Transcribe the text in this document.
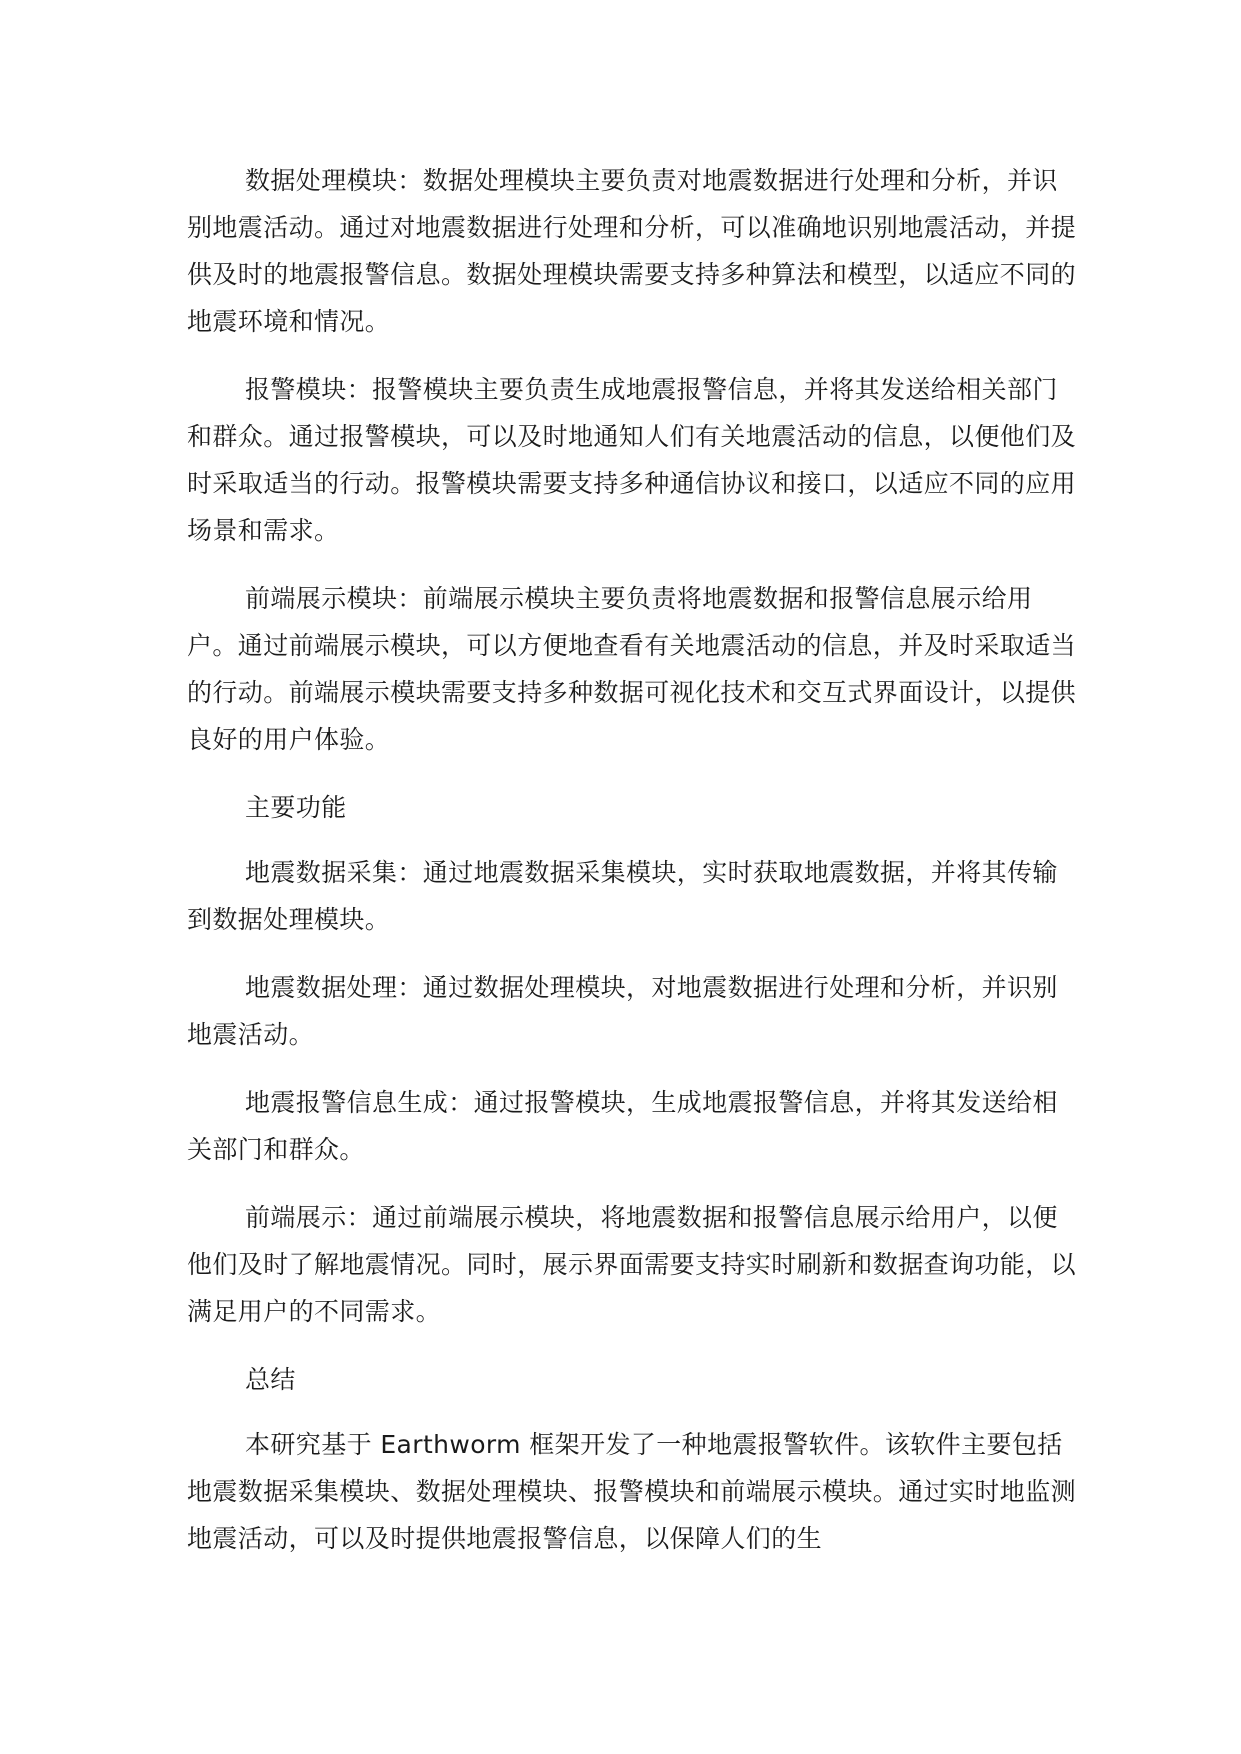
数据处理模块：数据处理模块主要负责对地震数据进行处理和分析，并识别地震活动。通过对地震数据进行处理和分析，可以准确地识别地震活动，并提供及时的地震报警信息。数据处理模块需要支持多种算法和模型，以适应不同的地震环境和情况。

报警模块：报警模块主要负责生成地震报警信息，并将其发送给相关部门和群众。通过报警模块，可以及时地通知人们有关地震活动的信息，以便他们及时采取适当的行动。报警模块需要支持多种通信协议和接口，以适应不同的应用场景和需求。

前端展示模块：前端展示模块主要负责将地震数据和报警信息展示给用户。通过前端展示模块，可以方便地查看有关地震活动的信息，并及时采取适当的行动。前端展示模块需要支持多种数据可视化技术和交互式界面设计，以提供良好的用户体验。

主要功能

地震数据采集：通过地震数据采集模块，实时获取地震数据，并将其传输到数据处理模块。

地震数据处理：通过数据处理模块，对地震数据进行处理和分析，并识别地震活动。

地震报警信息生成：通过报警模块，生成地震报警信息，并将其发送给相关部门和群众。

前端展示：通过前端展示模块，将地震数据和报警信息展示给用户，以便他们及时了解地震情况。同时，展示界面需要支持实时刷新和数据查询功能，以满足用户的不同需求。

总结

本研究基于 Earthworm 框架开发了一种地震报警软件。该软件主要包括地震数据采集模块、数据处理模块、报警模块和前端展示模块。通过实时地监测地震活动，可以及时提供地震报警信息，以保障人们的生
